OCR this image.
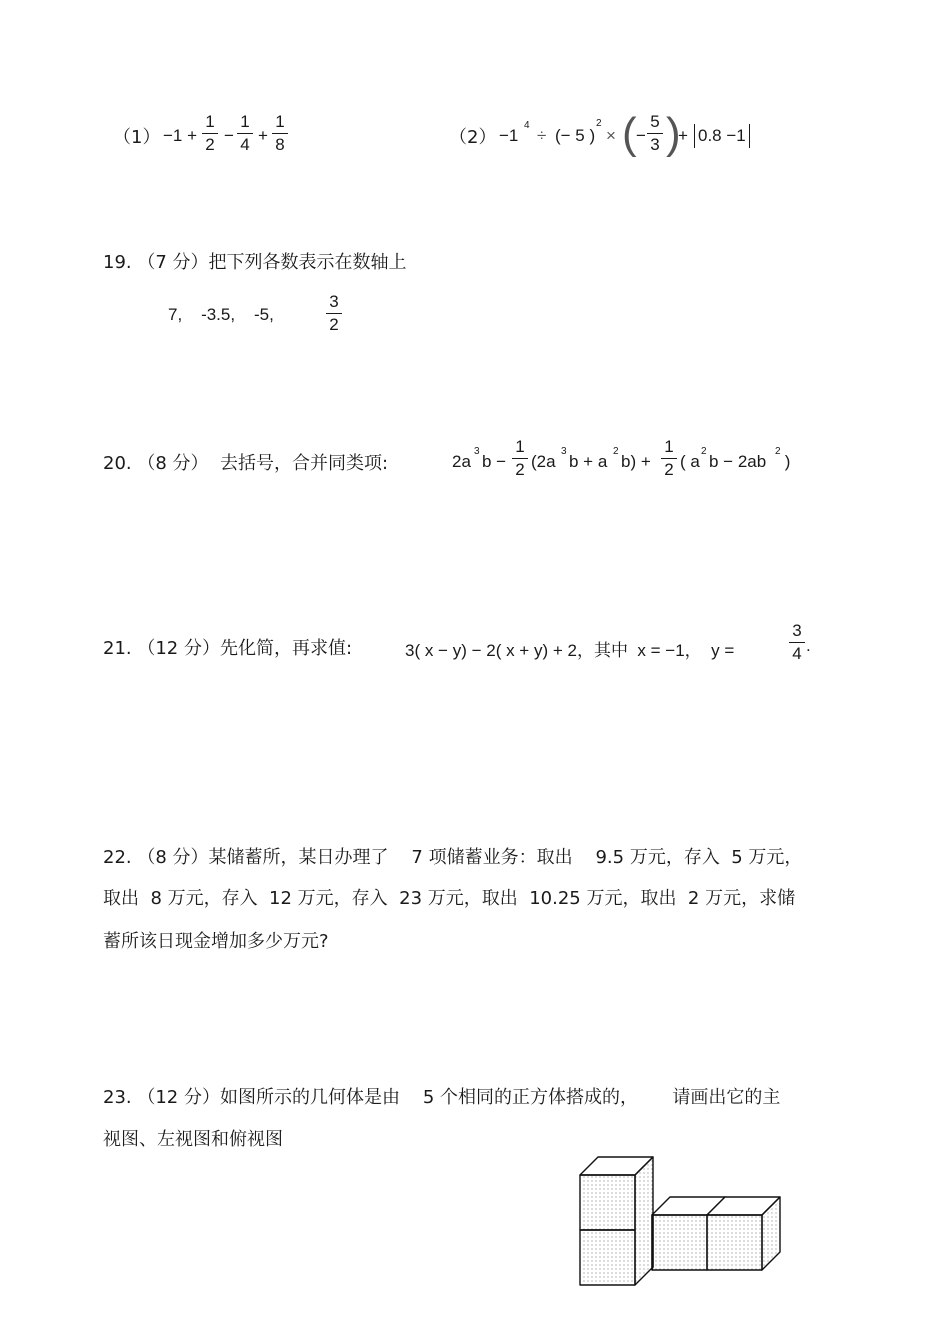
（1） −1 +
1
2 −
1
4 +
1
8	（2） −1
4
÷ (− 5 )
2
× ( −
5
3 )
+ 0.8 −1
19. （7 分）把下列各数表示在数轴上
7,    -3.5,    -5,
3
2
20. （8 分）  去括号，合并同类项:	2a
3
b −
1
2 (2a
3
b + a
2
b) +
1
2 ( a
2
b − 2ab
2
)
21. （12 分）先化简，再求值:	3( x − y) − 2( x + y) + 2，其中  x = −1，  y =
3
4 .
22. （8 分）某储蓄所，某日办理了    7 项储蓄业务：取出    9.5 万元，存入  5 万元，
取出  8 万元，存入  12 万元，存入  23 万元，取出  10.25 万元，取出  2 万元，求储
蓄所该日现金增加多少万元?
23. （12 分）如图所示的几何体是由    5 个相同的正方体搭成的，      请画出它的主
视图、左视图和俯视图
